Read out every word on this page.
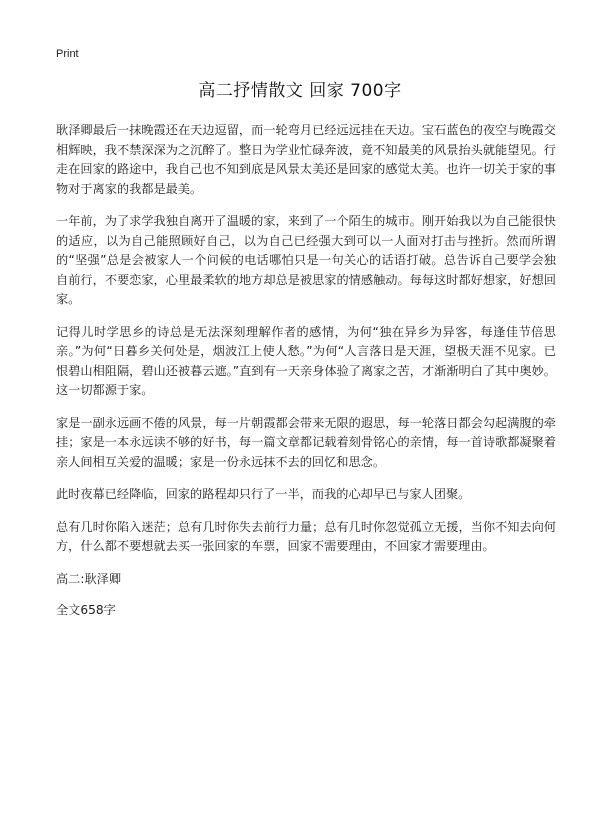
Print
高二抒情散文 回家 700字

耿泽卿最后一抹晚霞还在天边逗留，而一轮弯月已经远远挂在天边。宝石蓝色的夜空与晚霞交相辉映，我不禁深深为之沉醉了。整日为学业忙碌奔波，竟不知最美的风景抬头就能望见。行走在回家的路途中，我自己也不知到底是风景太美还是回家的感觉太美。也许一切关于家的事物对于离家的我都是最美。

一年前，为了求学我独自离开了温暖的家，来到了一个陌生的城市。刚开始我以为自己能很快的适应，以为自己能照顾好自己，以为自己已经强大到可以一人面对打击与挫折。然而所谓的“坚强”总是会被家人一个问候的电话哪怕只是一句关心的话语打破。总告诉自己要学会独自前行，不要恋家，心里最柔软的地方却总是被思家的情感触动。每每这时都好想家，好想回家。

记得儿时学思乡的诗总是无法深刻理解作者的感情，为何“独在异乡为异客，每逢佳节倍思亲。”为何“日暮乡关何处是，烟波江上使人愁。”为何“人言落日是天涯，望极天涯不见家。已恨碧山相阻隔，碧山还被暮云遮。”直到有一天亲身体验了离家之苦，才渐渐明白了其中奥妙。这一切都源于家。

家是一副永远画不倦的风景，每一片朝霞都会带来无限的遐思，每一轮落日都会勾起满腹的牵挂；家是一本永远读不够的好书，每一篇文章都记载着刻骨铭心的亲情，每一首诗歌都凝聚着亲人间相互关爱的温暖；家是一份永远抹不去的回忆和思念。

此时夜幕已经降临，回家的路程却只行了一半，而我的心却早已与家人团聚。

总有几时你陷入迷茫；总有几时你失去前行力量；总有几时你忽觉孤立无援，当你不知去向何方，什么都不要想就去买一张回家的车票，回家不需要理由，不回家才需要理由。

高二:耿泽卿

全文658字
